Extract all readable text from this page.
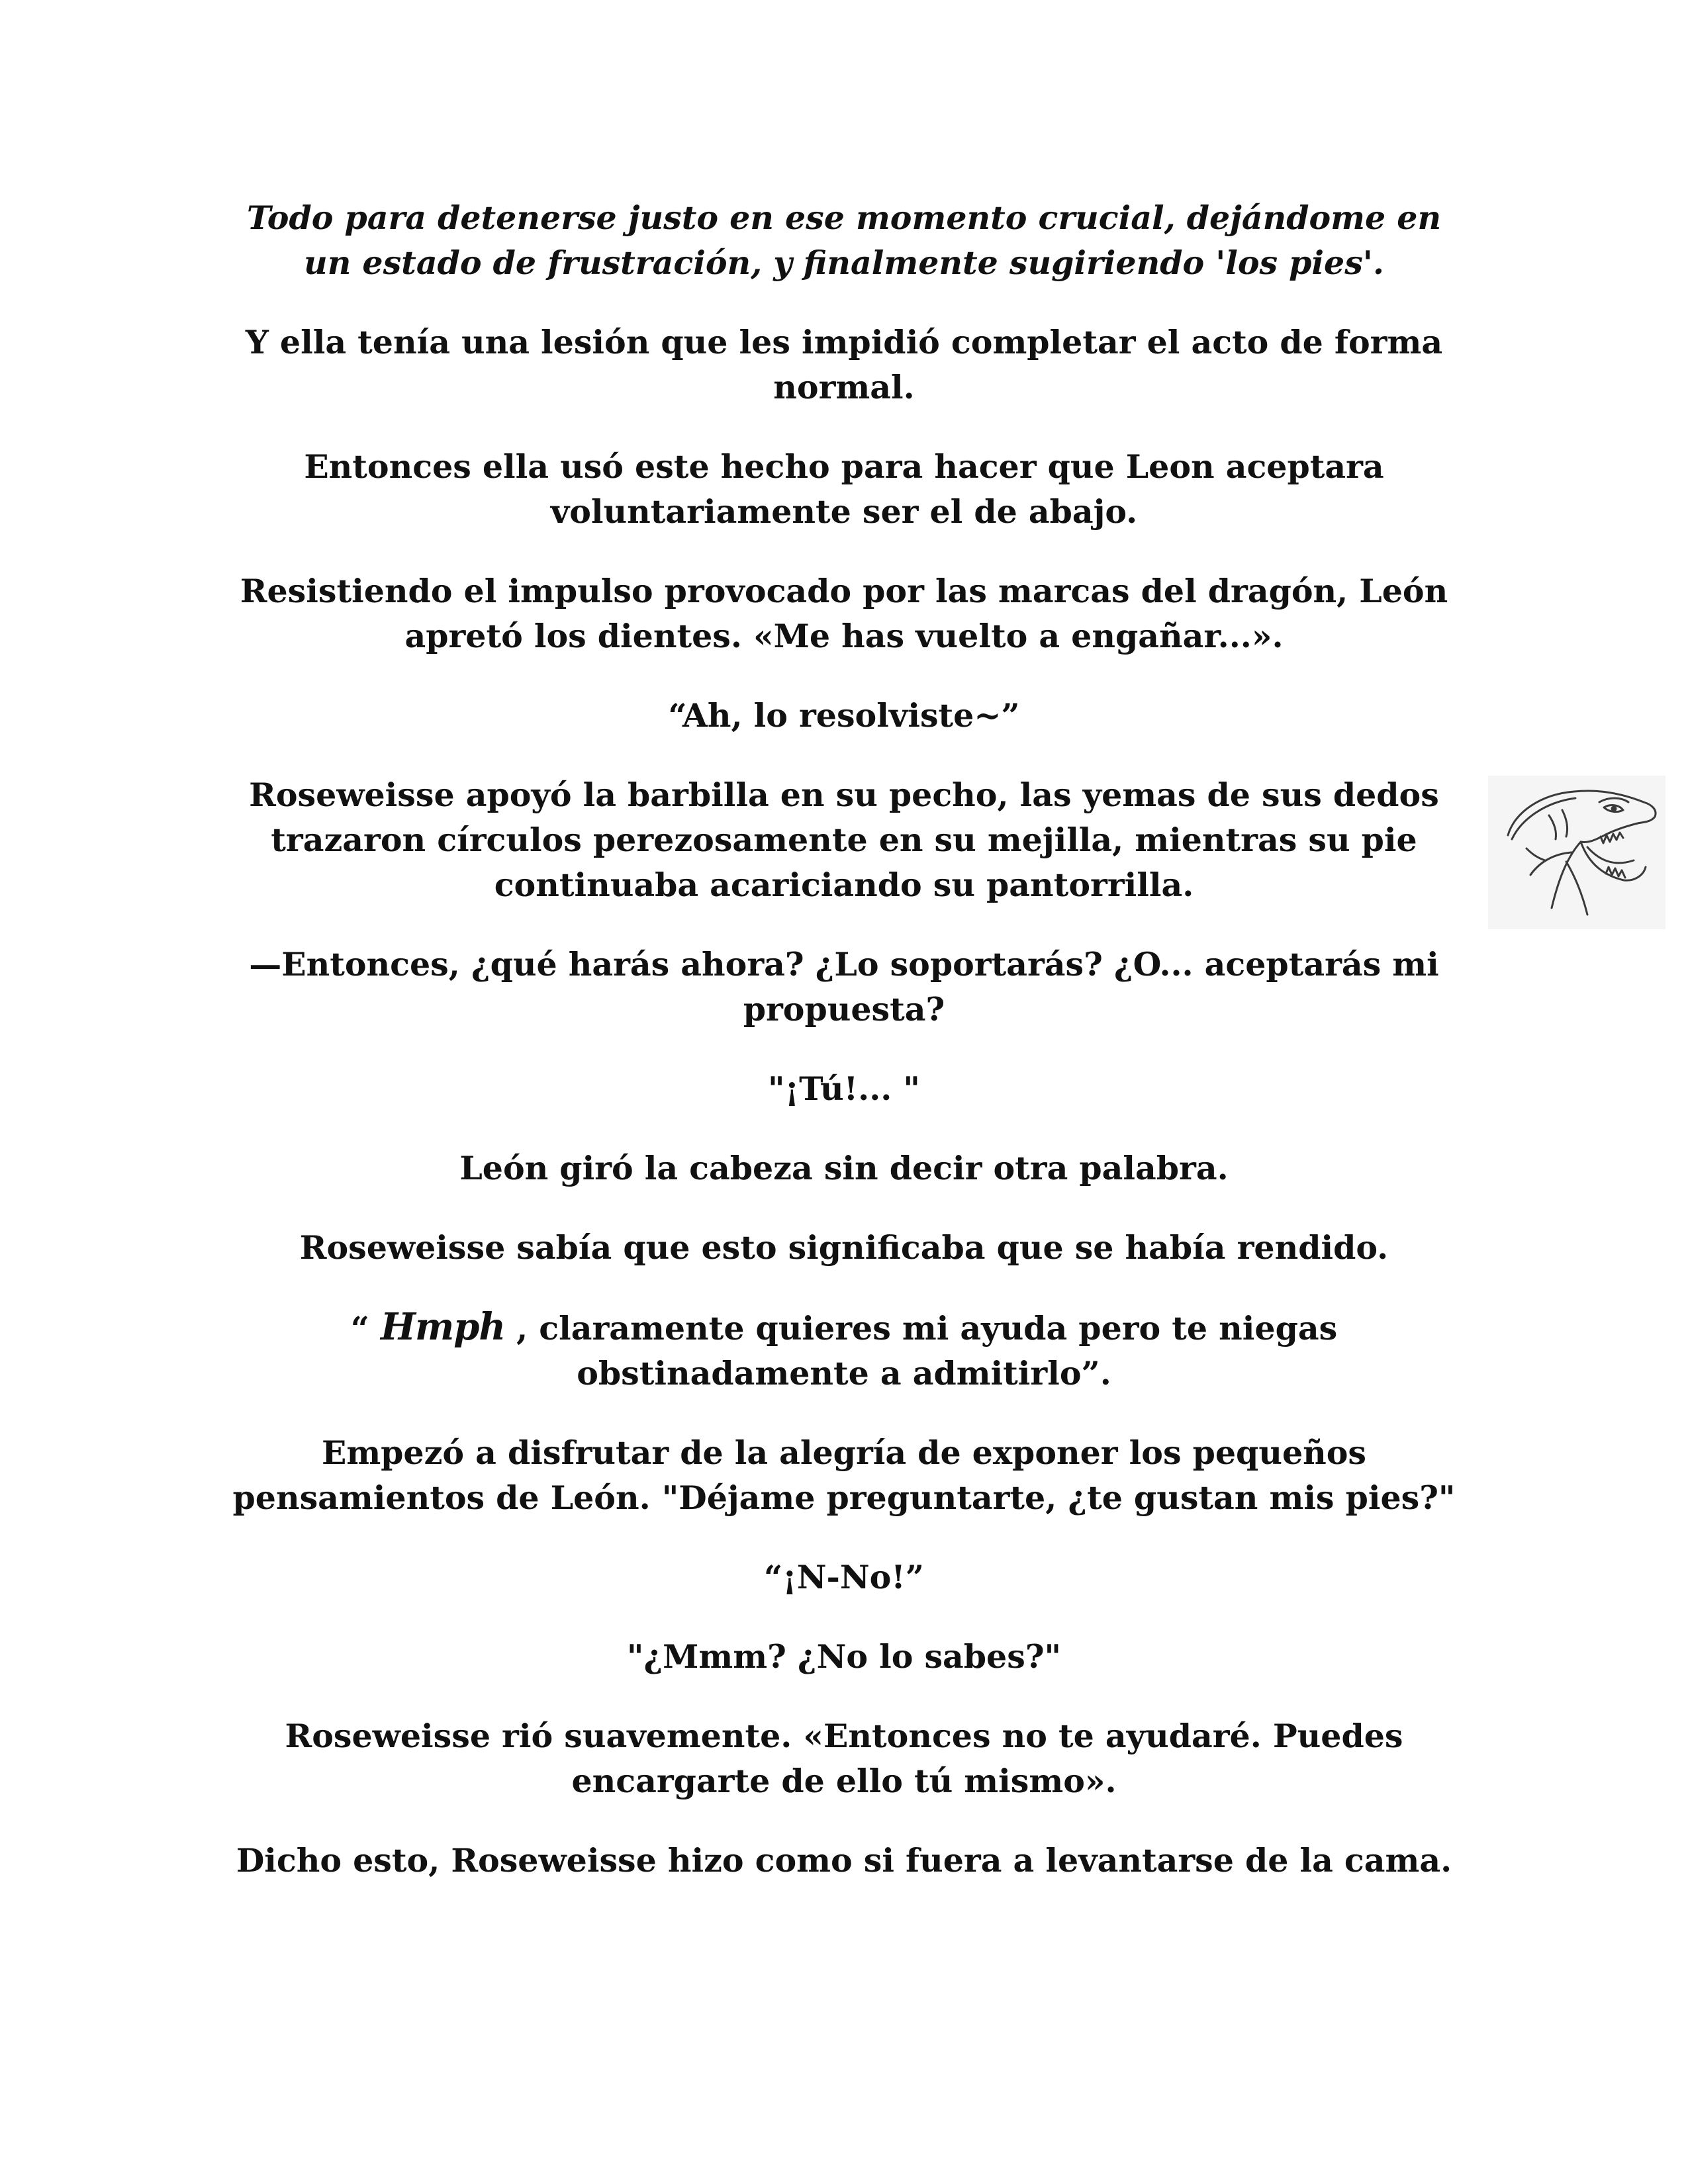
Todo para detenerse justo en ese momento crucial, dejándome en un estado de frustración, y finalmente sugiriendo 'los pies'.

Y ella tenía una lesión que les impidió completar el acto de forma normal.

Entonces ella usó este hecho para hacer que Leon aceptara voluntariamente ser el de abajo.

Resistiendo el impulso provocado por las marcas del dragón, León apretó los dientes. «Me has vuelto a engañar...».

“Ah, lo resolviste~”

Roseweisse apoyó la barbilla en su pecho, las yemas de sus dedos trazaron círculos perezosamente en su mejilla, mientras su pie continuaba acariciando su pantorrilla.

—Entonces, ¿qué harás ahora? ¿Lo soportarás? ¿O... aceptarás mi propuesta?

"¡Tú!... "

León giró la cabeza sin decir otra palabra.

Roseweisse sabía que esto significaba que se había rendido.

“ Hmph , claramente quieres mi ayuda pero te niegas obstinadamente a admitirlo”.

Empezó a disfrutar de la alegría de exponer los pequeños pensamientos de León. "Déjame preguntarte, ¿te gustan mis pies?"

“¡N-No!”

"¿Mmm? ¿No lo sabes?"

Roseweisse rió suavemente. «Entonces no te ayudaré. Puedes encargarte de ello tú mismo».

Dicho esto, Roseweisse hizo como si fuera a levantarse de la cama.
